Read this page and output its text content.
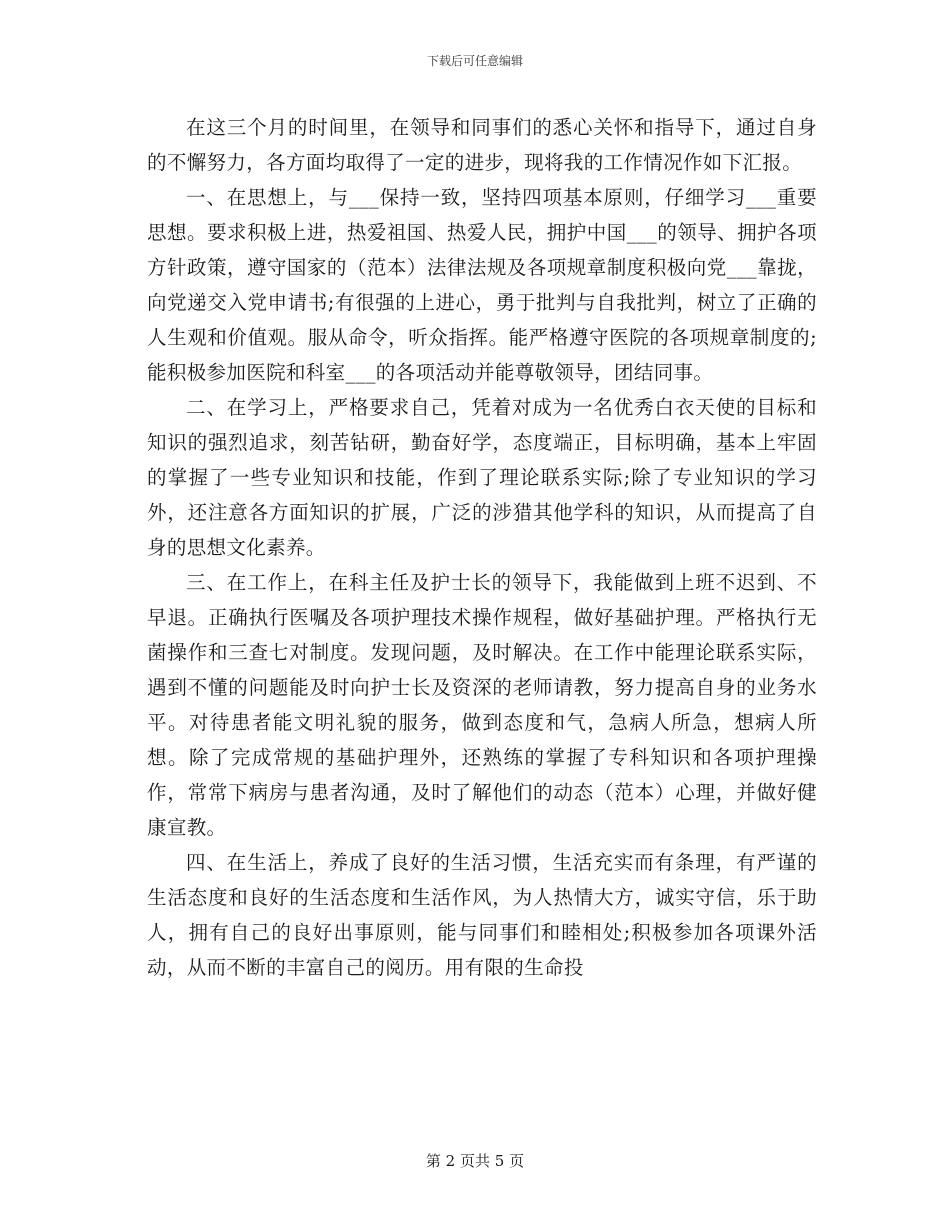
下载后可任意编辑

在这三个月的时间里，在领导和同事们的悉心关怀和指导下，通过自身的不懈努力，各方面均取得了一定的进步，现将我的工作情况作如下汇报。

一、在思想上，与___保持一致，坚持四项基本原则，仔细学习___重要思想。要求积极上进，热爱祖国、热爱人民，拥护中国___的领导、拥护各项方针政策，遵守国家的（范本）法律法规及各项规章制度积极向党___靠拢，向党递交入党申请书;有很强的上进心，勇于批判与自我批判，树立了正确的人生观和价值观。服从命令，听众指挥。能严格遵守医院的各项规章制度的;能积极参加医院和科室___的各项活动并能尊敬领导，团结同事。

二、在学习上，严格要求自己，凭着对成为一名优秀白衣天使的目标和知识的强烈追求，刻苦钻研，勤奋好学，态度端正，目标明确，基本上牢固的掌握了一些专业知识和技能，作到了理论联系实际;除了专业知识的学习外，还注意各方面知识的扩展，广泛的涉猎其他学科的知识，从而提高了自身的思想文化素养。

三、在工作上，在科主任及护士长的领导下，我能做到上班不迟到、不早退。正确执行医嘱及各项护理技术操作规程，做好基础护理。严格执行无菌操作和三查七对制度。发现问题，及时解决。在工作中能理论联系实际，遇到不懂的问题能及时向护士长及资深的老师请教，努力提高自身的业务水平。对待患者能文明礼貌的服务，做到态度和气，急病人所急，想病人所想。除了完成常规的基础护理外，还熟练的掌握了专科知识和各项护理操作，常常下病房与患者沟通，及时了解他们的动态（范本）心理，并做好健康宣教。

四、在生活上，养成了良好的生活习惯，生活充实而有条理，有严谨的生活态度和良好的生活态度和生活作风，为人热情大方，诚实守信，乐于助人，拥有自己的良好出事原则，能与同事们和睦相处;积极参加各项课外活动，从而不断的丰富自己的阅历。用有限的生命投

第 2 页共 5 页
